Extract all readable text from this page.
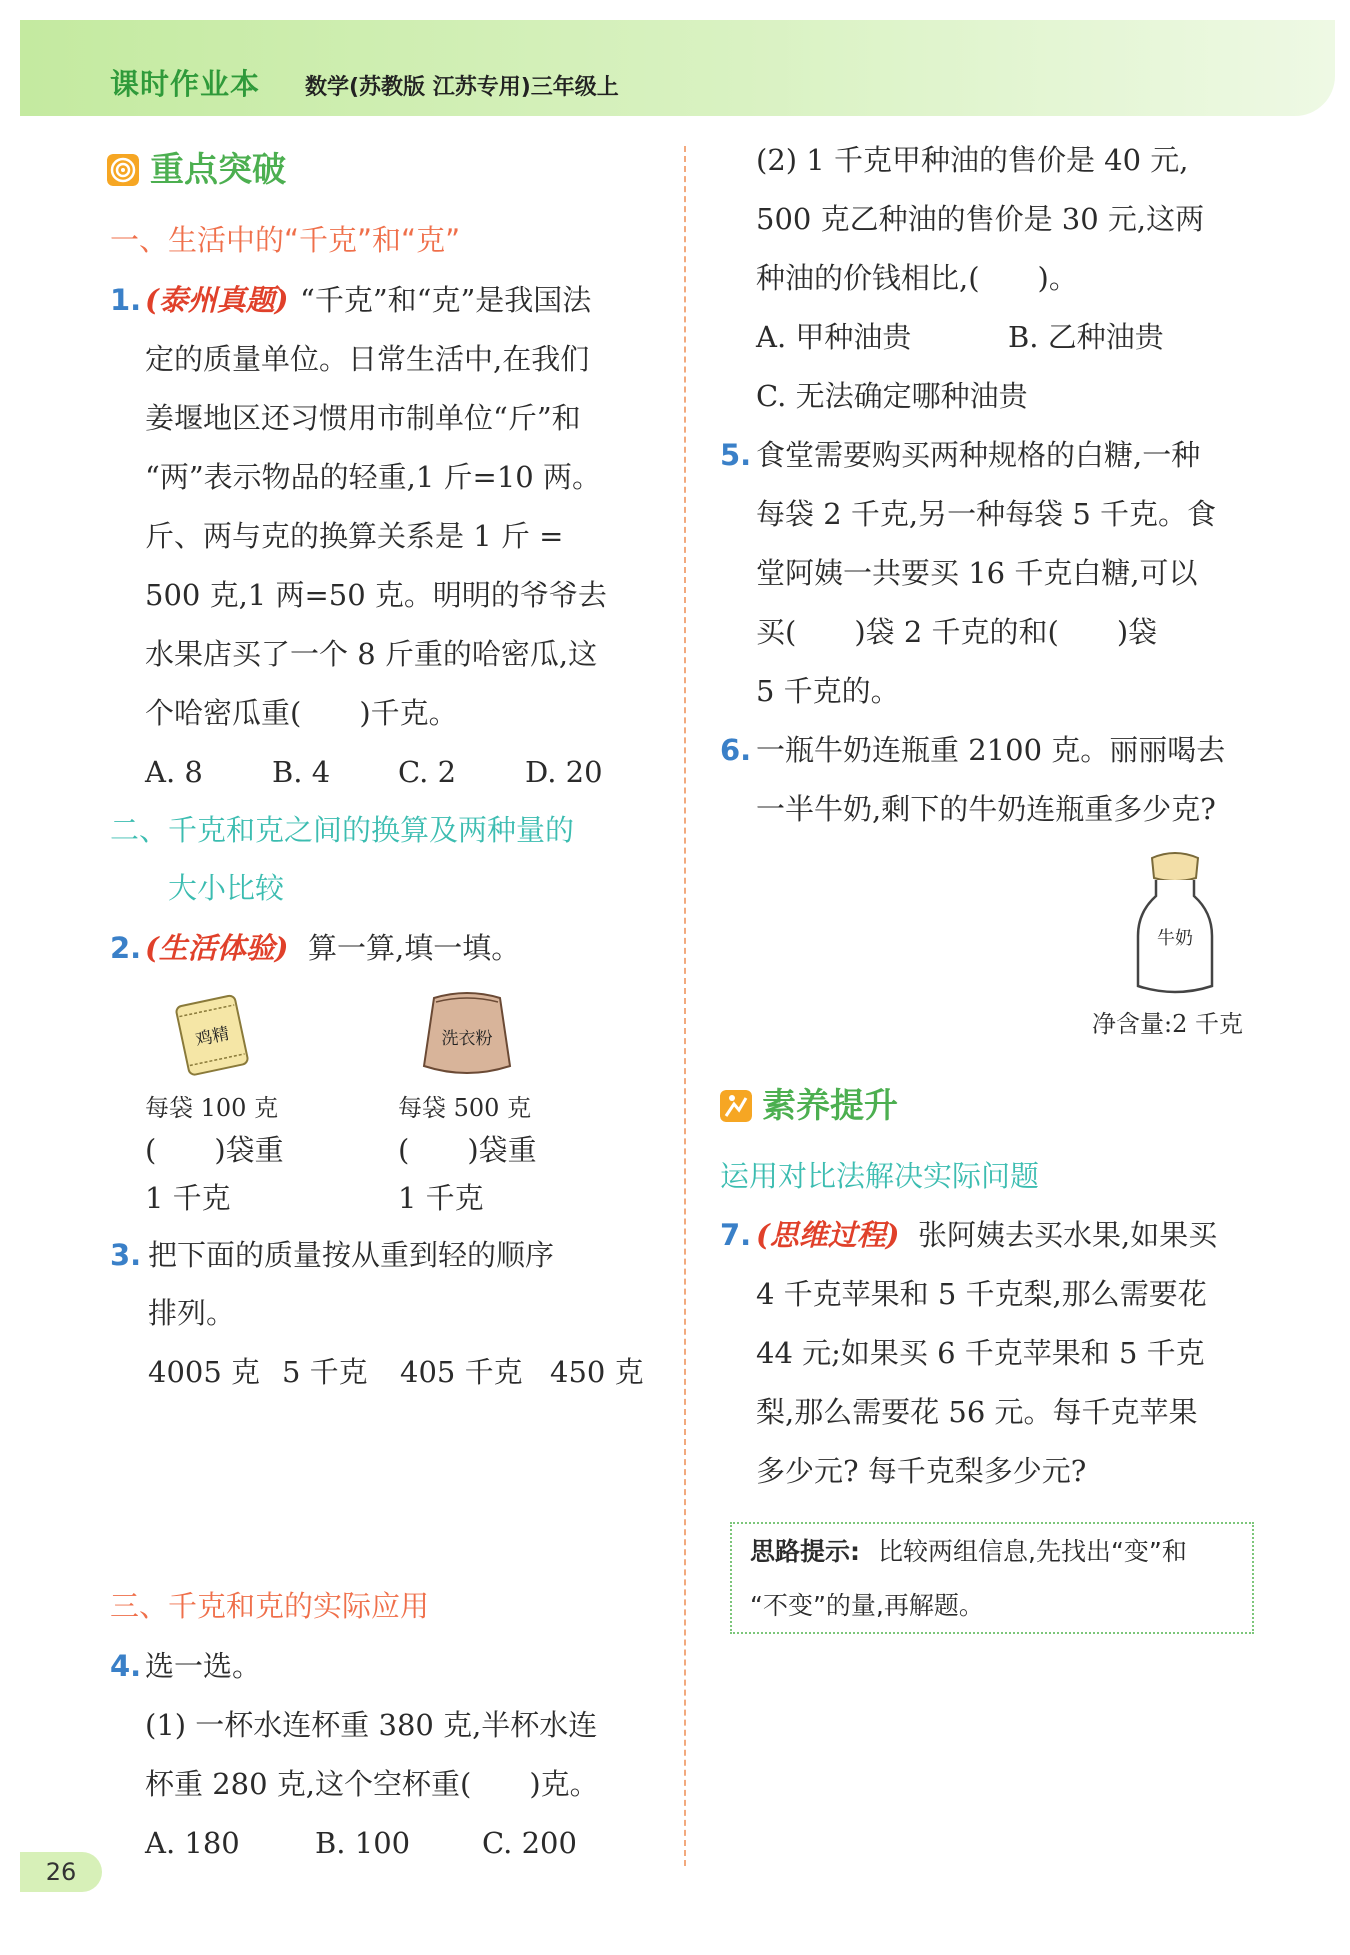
课时作业本 数学(苏教版 江苏专用)三年级上
重点突破
一、生活中的“千克”和“克”
1. (泰州真题) “千克”和“克”是我国法
定的质量单位。日常生活中,在我们
姜堰地区还习惯用市制单位“斤”和
“两”表示物品的轻重,1 斤=10 两。
斤、两与克的换算关系是 1 斤 =
500 克,1 两=50 克。明明的爷爷去
水果店买了一个 8 斤重的哈密瓜,这
个哈密瓜重(　　)千克。
A. 8 B. 4 C. 2 D. 20
二、千克和克之间的换算及两种量的
大小比较
2. (生活体验) 算一算,填一填。
鸡精	洗衣粉
每袋 100 克	每袋 500 克
(　　)袋重	(　　)袋重
1 千克	1 千克
3. 把下面的质量按从重到轻的顺序
排列。
4005 克 5 千克 405 千克 450 克
三、千克和克的实际应用
4. 选一选。
(1) 一杯水连杯重 380 克,半杯水连
杯重 280 克,这个空杯重(　　)克。
A. 180	B. 100 C. 200
(2) 1 千克甲种油的售价是 40 元,
500 克乙种油的售价是 30 元,这两
种油的价钱相比,(　　)。
A. 甲种油贵	B. 乙种油贵
C. 无法确定哪种油贵
5. 食堂需要购买两种规格的白糖,一种
每袋 2 千克,另一种每袋 5 千克。食
堂阿姨一共要买 16 千克白糖,可以
买(　　)袋 2 千克的和(　　)袋
5 千克的。
6. 一瓶牛奶连瓶重 2100 克。丽丽喝去
一半牛奶,剩下的牛奶连瓶重多少克?
牛奶
净含量:2 千克
素养提升
运用对比法解决实际问题
7. (思维过程) 张阿姨去买水果,如果买
4 千克苹果和 5 千克梨,那么需要花
44 元;如果买 6 千克苹果和 5 千克
梨,那么需要花 56 元。每千克苹果
多少元? 每千克梨多少元?
思路提示: 比较两组信息,先找出“变”和
“不变”的量,再解题。
26
